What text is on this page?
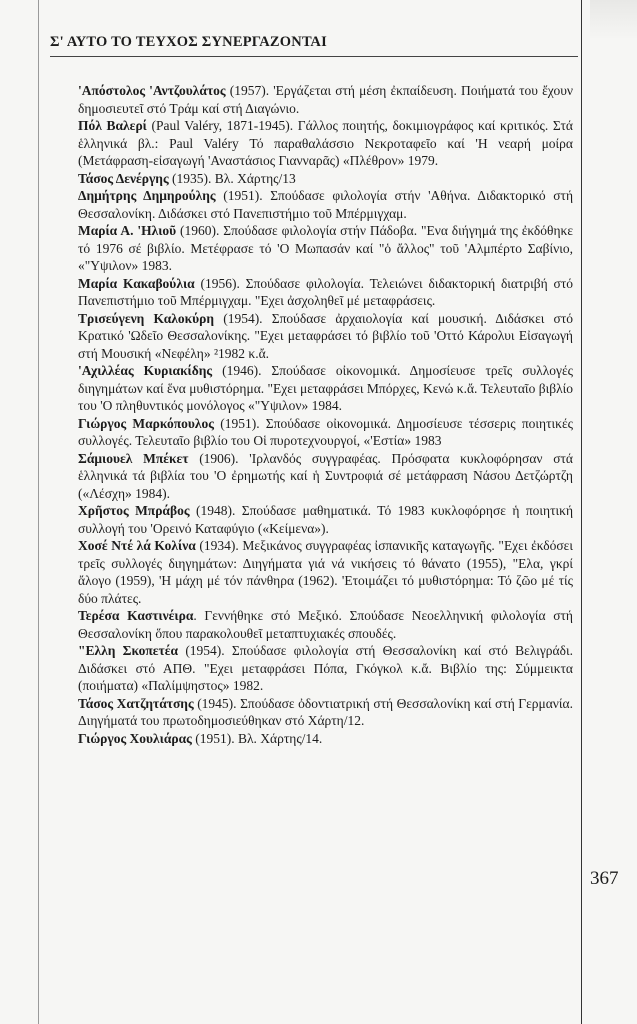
Σ' ΑΥΤΟ ΤΟ ΤΕΥΧΟΣ ΣΥΝΕΡΓΑΖΟΝΤΑΙ

'Απόστολος 'Αντζουλάτος (1957). 'Εργάζεται στή μέση ἐκπαίδευση. Ποιήματά του ἔχουν δημοσιευτεῖ στό Τράμ καί στή Διαγώνιο.

Πόλ Βαλερί (Paul Valéry, 1871-1945). Γάλλος ποιητής, δοκιμιογράφος καί κριτικός. Στά ἑλληνικά βλ.: Paul Valéry Τό παραθαλάσσιο Νεκροταφεῖο καί 'Η νεαρή μοίρα (Μετάφραση-εἰσαγωγή 'Αναστάσιος Γιανναρᾶς) «Πλέθρον» 1979.

Τάσος Δενέργης (1935). Βλ. Χάρτης/13

Δημήτρης Δημηρούλης (1951). Σπούδασε φιλολογία στήν 'Αθήνα. Διδακτορικό στή Θεσσαλονίκη. Διδάσκει στό Πανεπιστήμιο τοῦ Μπέρμιγχαμ.

Μαρία Α. 'Ηλιοῦ (1960). Σπούδασε φιλολογία στήν Πάδοβα. "Ενα διήγημά της ἐκδόθηκε τό 1976 σέ βιβλίο. Μετέφρασε τό 'Ο Μωπασάν καί "ὁ ἄλλος" τοῦ 'Αλμπέρτο Σαβίνιο, «"Υψιλον» 1983.

Μαρία Κακαβούλια (1956). Σπούδασε φιλολογία. Τελειώνει διδακτορική διατριβή στό Πανεπιστήμιο τοῦ Μπέρμιγχαμ. "Εχει ἀσχοληθεῖ μέ μεταφράσεις.

Τρισεύγενη Καλοκύρη (1954). Σπούδασε ἀρχαιολογία καί μουσική. Διδάσκει στό Κρατικό 'Ωδεῖο Θεσσαλονίκης. "Εχει μεταφράσει τό βιβλίο τοῦ 'Οττό Κάρολυι Εἰσαγωγή στή Μουσική «Νεφέλη» ²1982 κ.ἄ.

'Αχιλλέας Κυριακίδης (1946). Σπούδασε οἰκονομικά. Δημοσίευσε τρεῖς συλλογές διηγημάτων καί ἕνα μυθιστόρημα. "Εχει μεταφράσει Μπόρχες, Κενώ κ.ἄ. Τελευταῖο βιβλίο του 'Ο πληθυντικός μονόλογος «"Υψιλον» 1984.

Γιώργος Μαρκόπουλος (1951). Σπούδασε οἰκονομικά. Δημοσίευσε τέσσερις ποιητικές συλλογές. Τελευταῖο βιβλίο του Οἱ πυροτεχνουργοί, «'Εστία» 1983

Σάμιουελ Μπέκετ (1906). 'Ιρλανδός συγγραφέας. Πρόσφατα κυκλοφόρησαν στά ἑλληνικά τά βιβλία του 'Ο ἐρημωτής καί ἡ Συντροφιά σέ μετάφραση Νάσου Δετζώρτζη («Λέσχη» 1984).

Χρῆστος Μπράβος (1948). Σπούδασε μαθηματικά. Τό 1983 κυκλοφόρησε ἡ ποιητική συλλογή του 'Ορεινό Καταφύγιο («Κείμενα»).

Χοσέ Ντέ λά Κολίνα (1934). Μεξικάνος συγγραφέας ἰσπανικῆς καταγωγῆς. "Εχει ἐκδόσει τρεῖς συλλογές διηγημάτων: Διηγήματα γιά νά νικήσεις τό θάνατο (1955), "Ελα, γκρί ἄλογο (1959), 'Η μάχη μέ τόν πάνθηρα (1962). 'Ετοιμάζει τό μυθιστόρημα: Τό ζῶο μέ τίς δύο πλάτες.

Τερέσα Καστινέιρα. Γεννήθηκε στό Μεξικό. Σπούδασε Νεοελληνική φιλολογία στή Θεσσαλονίκη ὅπου παρακολουθεῖ μεταπτυχιακές σπουδές.

"Ελλη Σκοπετέα (1954). Σπούδασε φιλολογία στή Θεσσαλονίκη καί στό Βελιγράδι. Διδάσκει στό ΑΠΘ. "Εχει μεταφράσει Πόπα, Γκόγκολ κ.ἄ. Βιβλίο της: Σύμμεικτα (ποιήματα) «Παλίμψηστος» 1982.

Τάσος Χατζητάτσης (1945). Σπούδασε ὀδοντιατρική στή Θεσσαλονίκη καί στή Γερμανία. Διηγήματά του πρωτοδημοσιεύθηκαν στό Χάρτη/12.

Γιώργος Χουλιάρας (1951). Βλ. Χάρτης/14.

367
